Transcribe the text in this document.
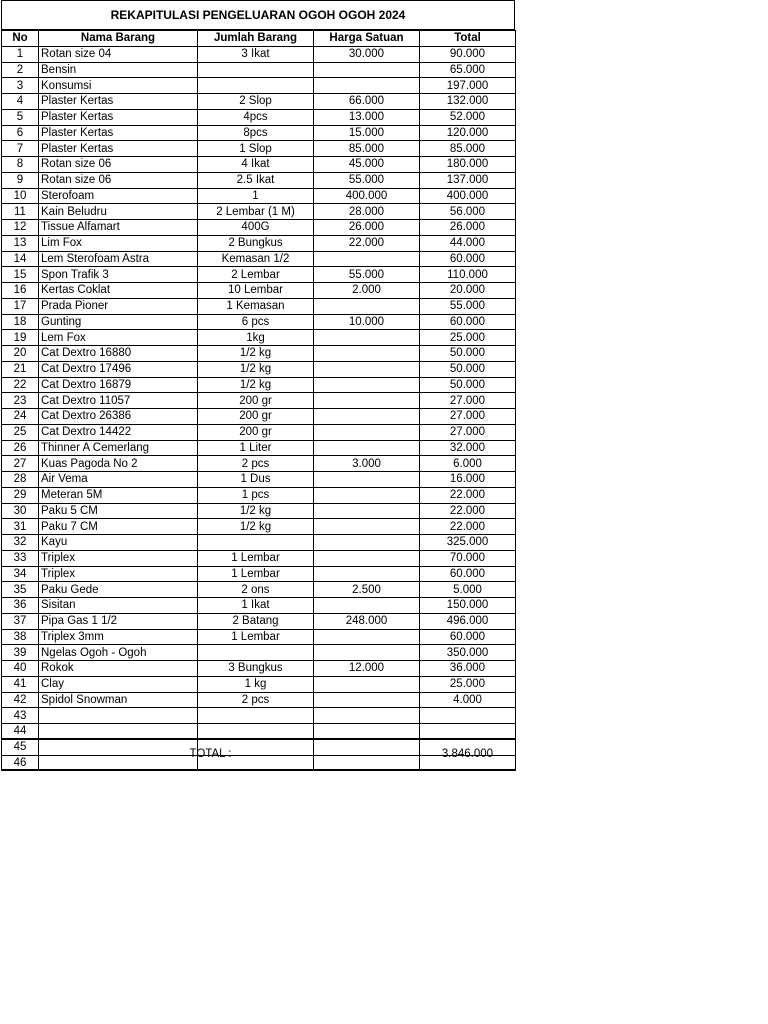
REKAPITULASI PENGELUARAN OGOH OGOH 2024
No	Nama Barang	Jumlah Barang	Harga Satuan	Total
1	Rotan size 04	3 Ikat	30.000	90.000
2	Bensin			65.000
3	Konsumsi			197.000
4	Plaster Kertas	2 Slop	66.000	132.000
5	Plaster Kertas	4pcs	13.000	52.000
6	Plaster Kertas	8pcs	15.000	120.000
7	Plaster Kertas	1 Slop	85.000	85.000
8	Rotan size 06	4 Ikat	45.000	180.000
9	Rotan size 06	2.5 Ikat	55.000	137.000
10	Sterofoam	1	400.000	400.000
11	Kain Beludru	2 Lembar (1 M)	28.000	56.000
12	Tissue Alfamart	400G	26.000	26.000
13	Lim Fox	2 Bungkus	22.000	44.000
14	Lem Sterofoam Astra	Kemasan 1/2		60.000
15	Spon Trafik 3	2 Lembar	55.000	110.000
16	Kertas Coklat	10 Lembar	2.000	20.000
17	Prada Pioner	1 Kemasan		55.000
18	Gunting	6 pcs	10.000	60.000
19	Lem Fox	1kg		25.000
20	Cat Dextro 16880	1/2 kg		50.000
21	Cat Dextro 17496	1/2 kg		50.000
22	Cat Dextro 16879	1/2 kg		50.000
23	Cat Dextro 11057	200 gr		27.000
24	Cat Dextro 26386	200 gr		27.000
25	Cat Dextro 14422	200 gr		27.000
26	Thinner A Cemerlang	1 Liter		32.000
27	Kuas Pagoda No 2	2 pcs	3.000	6.000
28	Air Vema	1 Dus		16.000
29	Meteran 5M	1 pcs		22.000
30	Paku 5 CM	1/2 kg		22.000
31	Paku 7 CM	1/2 kg		22.000
32	Kayu			325.000
33	Triplex	1 Lembar		70.000
34	Triplex	1 Lembar		60.000
35	Paku Gede	2 ons	2.500	5.000
36	Sisitan	1 Ikat		150.000
37	Pipa Gas 1 1/2	2 Batang	248.000	496.000
38	Triplex 3mm	1 Lembar		60.000
39	Ngelas Ogoh - Ogoh			350.000
40	Rokok	3 Bungkus	12.000	36.000
41	Clay	1 kg		25.000
42	Spidol Snowman	2 pcs		4.000
43				
44				
45				
46				
TOTAL :	3.846.000
